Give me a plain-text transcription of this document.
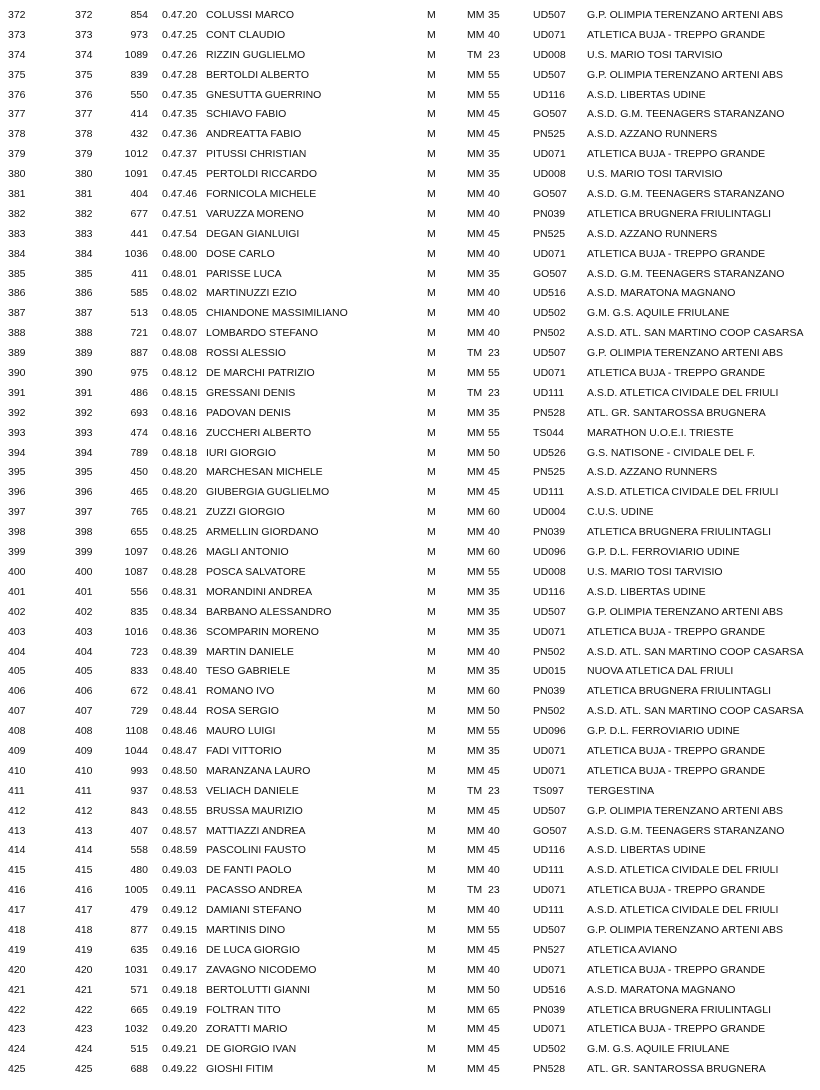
372	372	854 0.47.20 COLUSSI MARCO	M	MM 35	UD507 G.P. OLIMPIA TERENZANO ARTENI ABS
373	373	973 0.47.25 CONT CLAUDIO	M	MM 40	UD071 ATLETICA BUJA - TREPPO GRANDE
374	374	1089 0.47.26 RIZZIN GUGLIELMO	M	TM 23	UD008 U.S. MARIO TOSI TARVISIO
375	375	839 0.47.28 BERTOLDI ALBERTO	M	MM 55	UD507 G.P. OLIMPIA TERENZANO ARTENI ABS
376	376	550 0.47.35 GNESUTTA GUERRINO	M	MM 55	UD116 A.S.D. LIBERTAS UDINE
377	377	414 0.47.35 SCHIAVO FABIO	M	MM 45	GO507 A.S.D. G.M. TEENAGERS STARANZANO
378	378	432 0.47.36 ANDREATTA FABIO	M	MM 45	PN525 A.S.D. AZZANO RUNNERS
379	379	1012 0.47.37 PITUSSI CHRISTIAN	M	MM 35	UD071 ATLETICA BUJA - TREPPO GRANDE
380	380	1091 0.47.45 PERTOLDI RICCARDO	M	MM 35	UD008 U.S. MARIO TOSI TARVISIO
381	381	404 0.47.46 FORNICOLA MICHELE	M	MM 40	GO507 A.S.D. G.M. TEENAGERS STARANZANO
382	382	677 0.47.51 VARUZZA MORENO	M	MM 40	PN039 ATLETICA BRUGNERA FRIULINTAGLI
383	383	441 0.47.54 DEGAN GIANLUIGI	M	MM 45	PN525 A.S.D. AZZANO RUNNERS
384	384	1036 0.48.00 DOSE CARLO	M	MM 40	UD071 ATLETICA BUJA - TREPPO GRANDE
385	385	411 0.48.01 PARISSE LUCA	M	MM 35	GO507 A.S.D. G.M. TEENAGERS STARANZANO
386	386	585 0.48.02 MARTINUZZI EZIO	M	MM 40	UD516 A.S.D. MARATONA MAGNANO
387	387	513 0.48.05 CHIANDONE MASSIMILIANO	M	MM 40	UD502 G.M. G.S. AQUILE FRIULANE
388	388	721 0.48.07 LOMBARDO STEFANO	M	MM 40	PN502 A.S.D. ATL. SAN MARTINO COOP CASARSA
389	389	887 0.48.08 ROSSI ALESSIO	M	TM 23	UD507 G.P. OLIMPIA TERENZANO ARTENI ABS
390	390	975 0.48.12 DE MARCHI PATRIZIO	M	MM 55	UD071 ATLETICA BUJA - TREPPO GRANDE
391	391	486 0.48.15 GRESSANI DENIS	M	TM 23	UD111 A.S.D. ATLETICA CIVIDALE DEL FRIULI
392	392	693 0.48.16 PADOVAN DENIS	M	MM 35	PN528 ATL. GR. SANTAROSSA BRUGNERA
393	393	474 0.48.16 ZUCCHERI ALBERTO	M	MM 55	TS044 MARATHON U.O.E.I. TRIESTE
394	394	789 0.48.18 IURI GIORGIO	M	MM 50	UD526 G.S. NATISONE - CIVIDALE DEL F.
395	395	450 0.48.20 MARCHESAN MICHELE	M	MM 45	PN525 A.S.D. AZZANO RUNNERS
396	396	465 0.48.20 GIUBERGIA GUGLIELMO	M	MM 45	UD111 A.S.D. ATLETICA CIVIDALE DEL FRIULI
397	397	765 0.48.21 ZUZZI GIORGIO	M	MM 60	UD004 C.U.S. UDINE
398	398	655 0.48.25 ARMELLIN GIORDANO	M	MM 40	PN039 ATLETICA BRUGNERA FRIULINTAGLI
399	399	1097 0.48.26 MAGLI ANTONIO	M	MM 60	UD096 G.P. D.L. FERROVIARIO UDINE
400	400	1087 0.48.28 POSCA SALVATORE	M	MM 55	UD008 U.S. MARIO TOSI TARVISIO
401	401	556 0.48.31 MORANDINI ANDREA	M	MM 35	UD116 A.S.D. LIBERTAS UDINE
402	402	835 0.48.34 BARBANO ALESSANDRO	M	MM 35	UD507 G.P. OLIMPIA TERENZANO ARTENI ABS
403	403	1016 0.48.36 SCOMPARIN MORENO	M	MM 35	UD071 ATLETICA BUJA - TREPPO GRANDE
404	404	723 0.48.39 MARTIN DANIELE	M	MM 40	PN502 A.S.D. ATL. SAN MARTINO COOP CASARSA
405	405	833 0.48.40 TESO GABRIELE	M	MM 35	UD015 NUOVA ATLETICA DAL FRIULI
406	406	672 0.48.41 ROMANO IVO	M	MM 60	PN039 ATLETICA BRUGNERA FRIULINTAGLI
407	407	729 0.48.44 ROSA SERGIO	M	MM 50	PN502 A.S.D. ATL. SAN MARTINO COOP CASARSA
408	408	1108 0.48.46 MAURO LUIGI	M	MM 55	UD096 G.P. D.L. FERROVIARIO UDINE
409	409	1044 0.48.47 FADI VITTORIO	M	MM 35	UD071 ATLETICA BUJA - TREPPO GRANDE
410	410	993 0.48.50 MARANZANA LAURO	M	MM 45	UD071 ATLETICA BUJA - TREPPO GRANDE
411	411	937 0.48.53 VELIACH DANIELE	M	TM 23	TS097 TERGESTINA
412	412	843 0.48.55 BRUSSA MAURIZIO	M	MM 45	UD507 G.P. OLIMPIA TERENZANO ARTENI ABS
413	413	407 0.48.57 MATTIAZZI ANDREA	M	MM 40	GO507 A.S.D. G.M. TEENAGERS STARANZANO
414	414	558 0.48.59 PASCOLINI FAUSTO	M	MM 45	UD116 A.S.D. LIBERTAS UDINE
415	415	480 0.49.03 DE FANTI PAOLO	M	MM 40	UD111 A.S.D. ATLETICA CIVIDALE DEL FRIULI
416	416	1005 0.49.11 PACASSO ANDREA	M	TM 23	UD071 ATLETICA BUJA - TREPPO GRANDE
417	417	479 0.49.12 DAMIANI STEFANO	M	MM 40	UD111 A.S.D. ATLETICA CIVIDALE DEL FRIULI
418	418	877 0.49.15 MARTINIS DINO	M	MM 55	UD507 G.P. OLIMPIA TERENZANO ARTENI ABS
419	419	635 0.49.16 DE LUCA GIORGIO	M	MM 45	PN527 ATLETICA AVIANO
420	420	1031 0.49.17 ZAVAGNO NICODEMO	M	MM 40	UD071 ATLETICA BUJA - TREPPO GRANDE
421	421	571 0.49.18 BERTOLUTTI GIANNI	M	MM 50	UD516 A.S.D. MARATONA MAGNANO
422	422	665 0.49.19 FOLTRAN TITO	M	MM 65	PN039 ATLETICA BRUGNERA FRIULINTAGLI
423	423	1032 0.49.20 ZORATTI MARIO	M	MM 45	UD071 ATLETICA BUJA - TREPPO GRANDE
424	424	515 0.49.21 DE GIORGIO IVAN	M	MM 45	UD502 G.M. G.S. AQUILE FRIULANE
425	425	688 0.49.22 GIOSHI FITIM	M	MM 45	PN528 ATL. GR. SANTAROSSA BRUGNERA
